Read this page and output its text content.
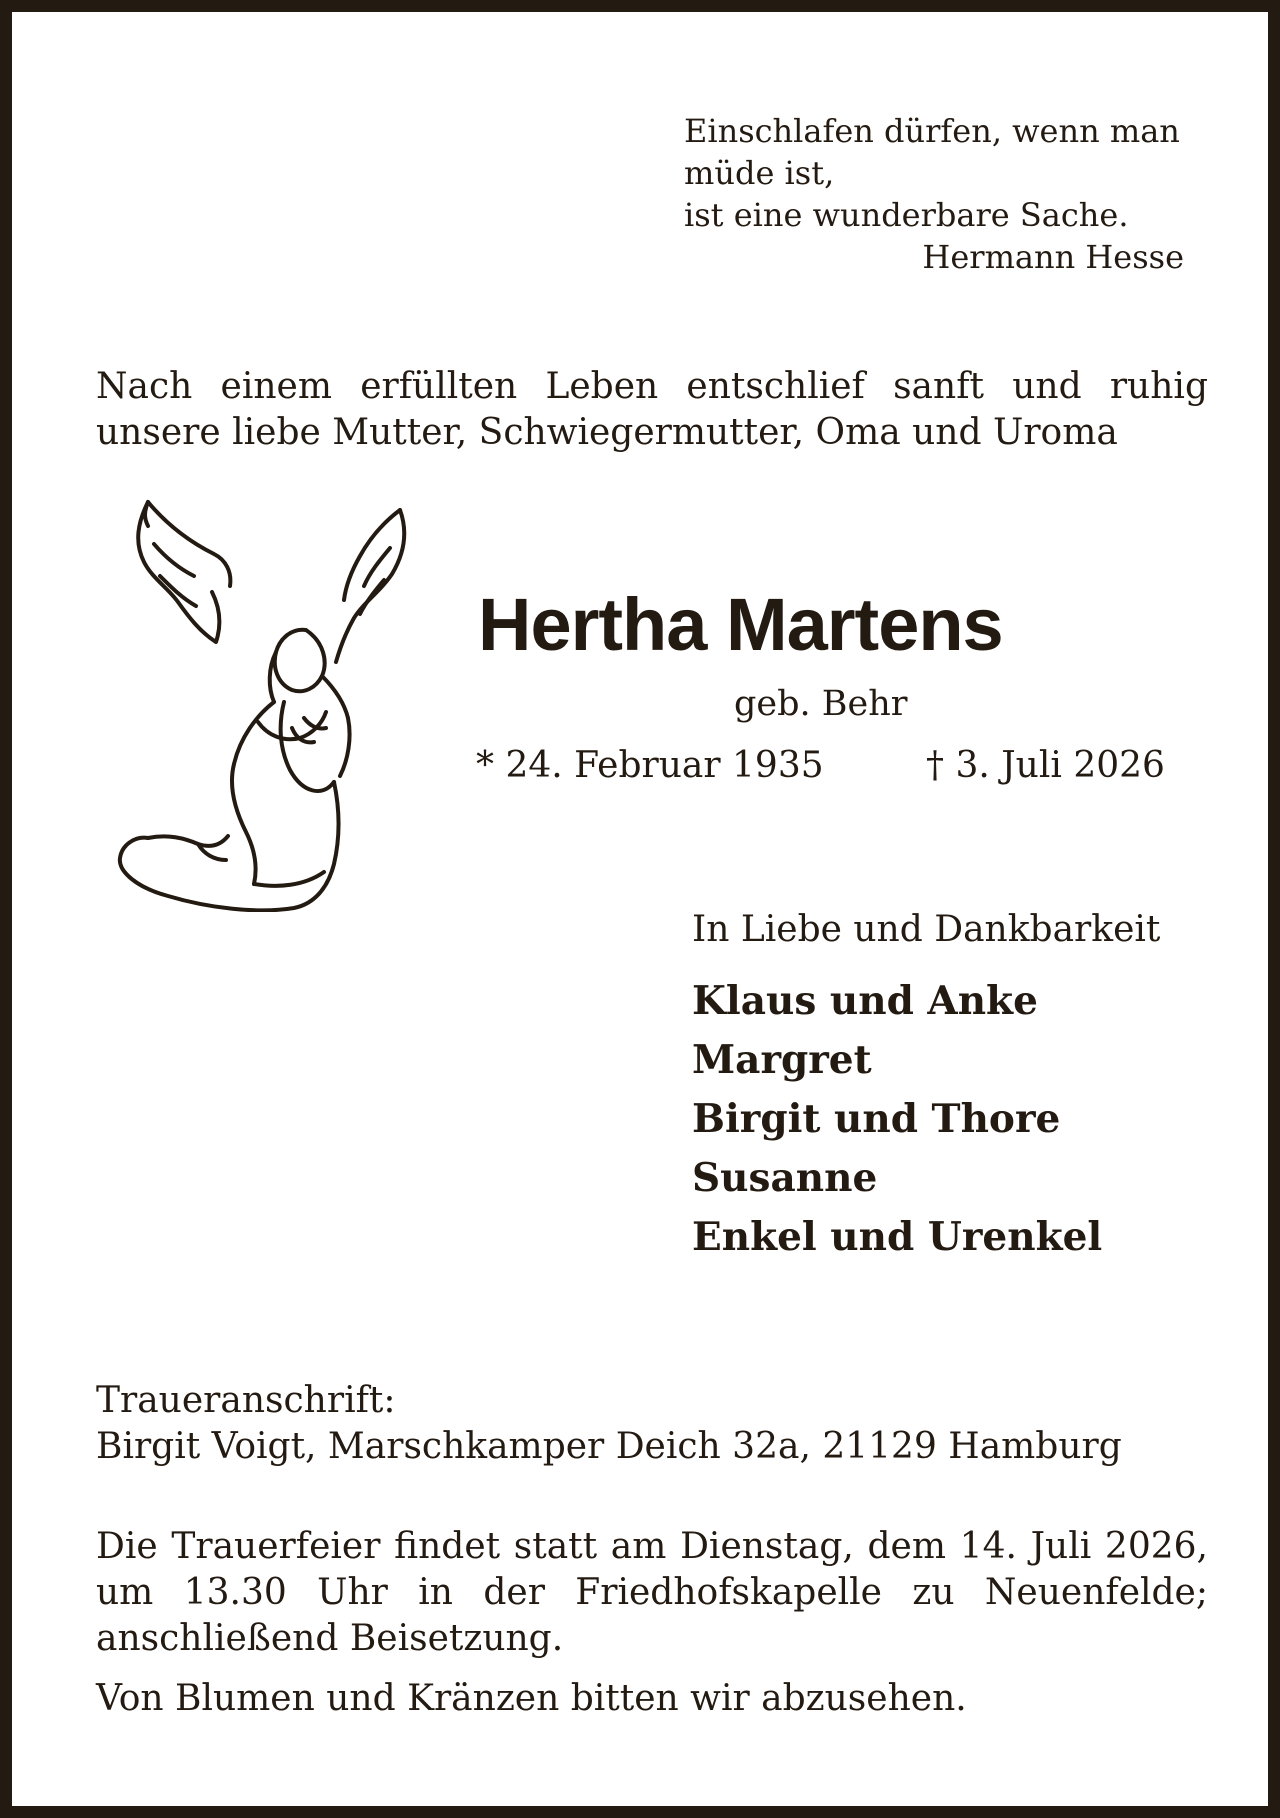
Einschlafen dürfen, wenn man müde ist,
ist eine wunderbare Sache.
Hermann Hesse
Nach einem erfüllten Leben entschlief sanft und ruhig
unsere liebe Mutter, Schwiegermutter, Oma und Uroma
Hertha Martens
geb. Behr
* 24. Februar 1935	† 3. Juli 2026
In Liebe und Dankbarkeit
Klaus und Anke
Margret
Birgit und Thore
Susanne
Enkel und Urenkel
Traueranschrift:
Birgit Voigt, Marschkamper Deich 32a, 21129 Hamburg
Die Trauerfeier findet statt am Dienstag, dem 14. Juli 2026,
um 13.30 Uhr in der Friedhofskapelle zu Neuenfelde;
anschließend Beisetzung.
Von Blumen und Kränzen bitten wir abzusehen.
